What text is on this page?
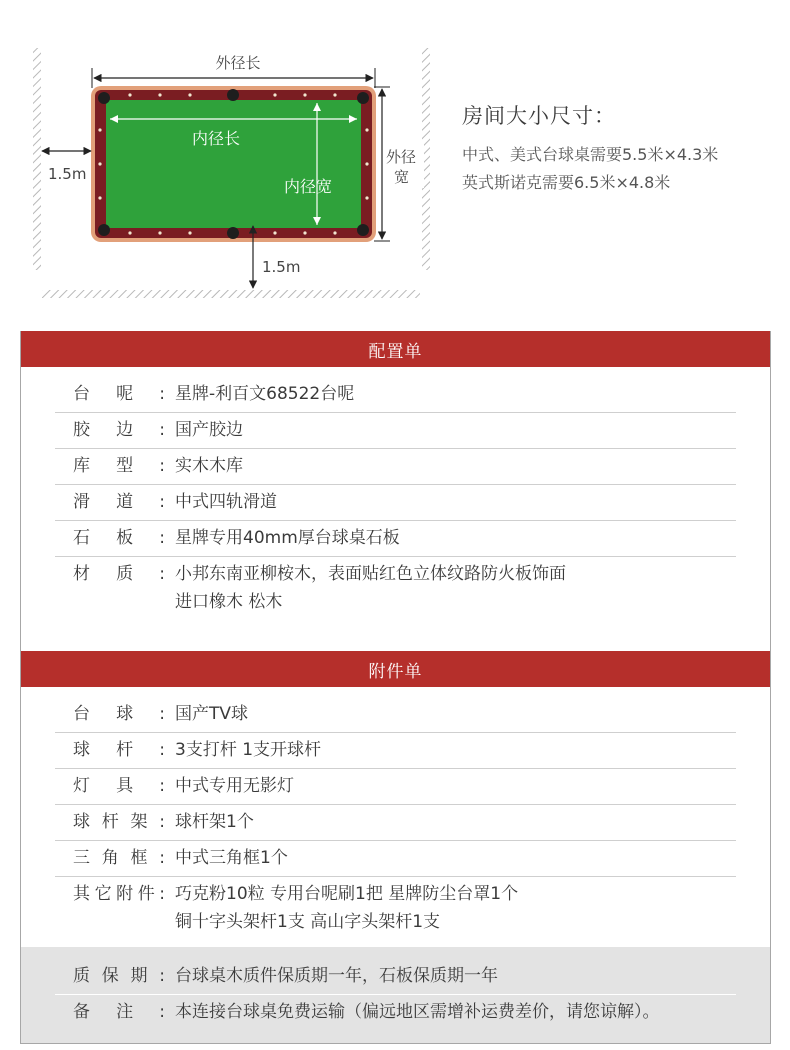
外径长
外径
宽
内径长
内径宽
1.5m
1.5m
房间大小尺寸：
中式、美式台球桌需要5.5米×4.3米
英式斯诺克需要6.5米×4.8米
配置单
台呢: 星牌-利百文68522台呢
胶边: 国产胶边
库型: 实木木库
滑道: 中式四轨滑道
石板: 星牌专用40mm厚台球桌石板
材质: 小邦东南亚柳桉木，表面贴红色立体纹路防火板饰面
进口橡木 松木
附件单
台球: 国产TV球
球杆: 3支打杆 1支开球杆
灯具: 中式专用无影灯
球杆架: 球杆架1个
三角框: 中式三角框1个
其它附件: 巧克粉10粒 专用台呢刷1把 星牌防尘台罩1个
铜十字头架杆1支 高山字头架杆1支
质保期: 台球桌木质件保质期一年，石板保质期一年
备注: 本连接台球桌免费运输（偏远地区需增补运费差价，请您谅解）。
